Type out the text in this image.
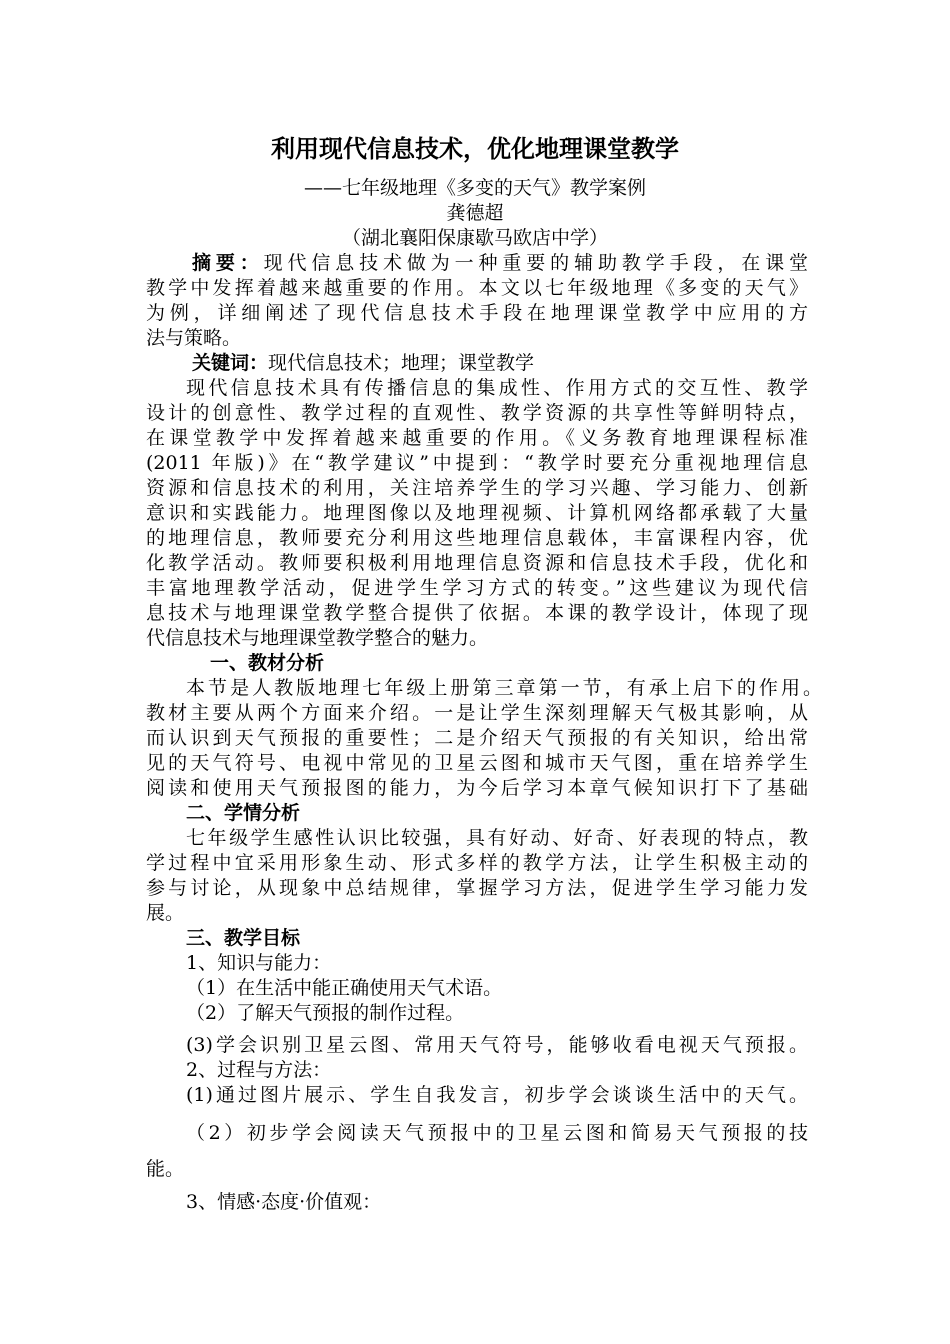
利用现代信息技术，优化地理课堂教学
——七年级地理《多变的天气》教学案例
龚德超
（湖北襄阳保康歇马欧店中学）
摘要：现代信息技术做为一种重要的辅助教学手段，在课堂
教学中发挥着越来越重要的作用。本文以七年级地理《多变的天气》
为例，详细阐述了现代信息技术手段在地理课堂教学中应用的方
法与策略。
关键词：现代信息技术；地理；课堂教学
现代信息技术具有传播信息的集成性、作用方式的交互性、教学
设计的创意性、教学过程的直观性、教学资源的共享性等鲜明特点，
在课堂教学中发挥着越来越重要的作用。《义务教育地理课程标准
(2011 年版)》在“教学建议”中提到：“教学时要充分重视地理信息
资源和信息技术的利用，关注培养学生的学习兴趣、学习能力、创新
意识和实践能力。地理图像以及地理视频、计算机网络都承载了大量
的地理信息，教师要充分利用这些地理信息载体，丰富课程内容，优
化教学活动。教师要积极利用地理信息资源和信息技术手段，优化和
丰富地理教学活动，促进学生学习方式的转变。”这些建议为现代信
息技术与地理课堂教学整合提供了依据。本课的教学设计，体现了现
代信息技术与地理课堂教学整合的魅力。
一、教材分析
本节是人教版地理七年级上册第三章第一节，有承上启下的作用。
教材主要从两个方面来介绍。一是让学生深刻理解天气极其影响，从
而认识到天气预报的重要性；二是介绍天气预报的有关知识，给出常
见的天气符号、电视中常见的卫星云图和城市天气图，重在培养学生
阅读和使用天气预报图的能力，为今后学习本章气候知识打下了基础
二、学情分析
七年级学生感性认识比较强，具有好动、好奇、好表现的特点，教
学过程中宜采用形象生动、形式多样的教学方法，让学生积极主动的
参与讨论，从现象中总结规律，掌握学习方法，促进学生学习能力发
展。
三、教学目标
1、知识与能力：
（1）在生活中能正确使用天气术语。
（2）了解天气预报的制作过程。
(3)学会识别卫星云图、常用天气符号，能够收看电视天气预报。
2、过程与方法：
(1)通过图片展示、学生自我发言，初步学会谈谈生活中的天气。
（2）初步学会阅读天气预报中的卫星云图和简易天气预报的技
能。
3、情感·态度·价值观：
